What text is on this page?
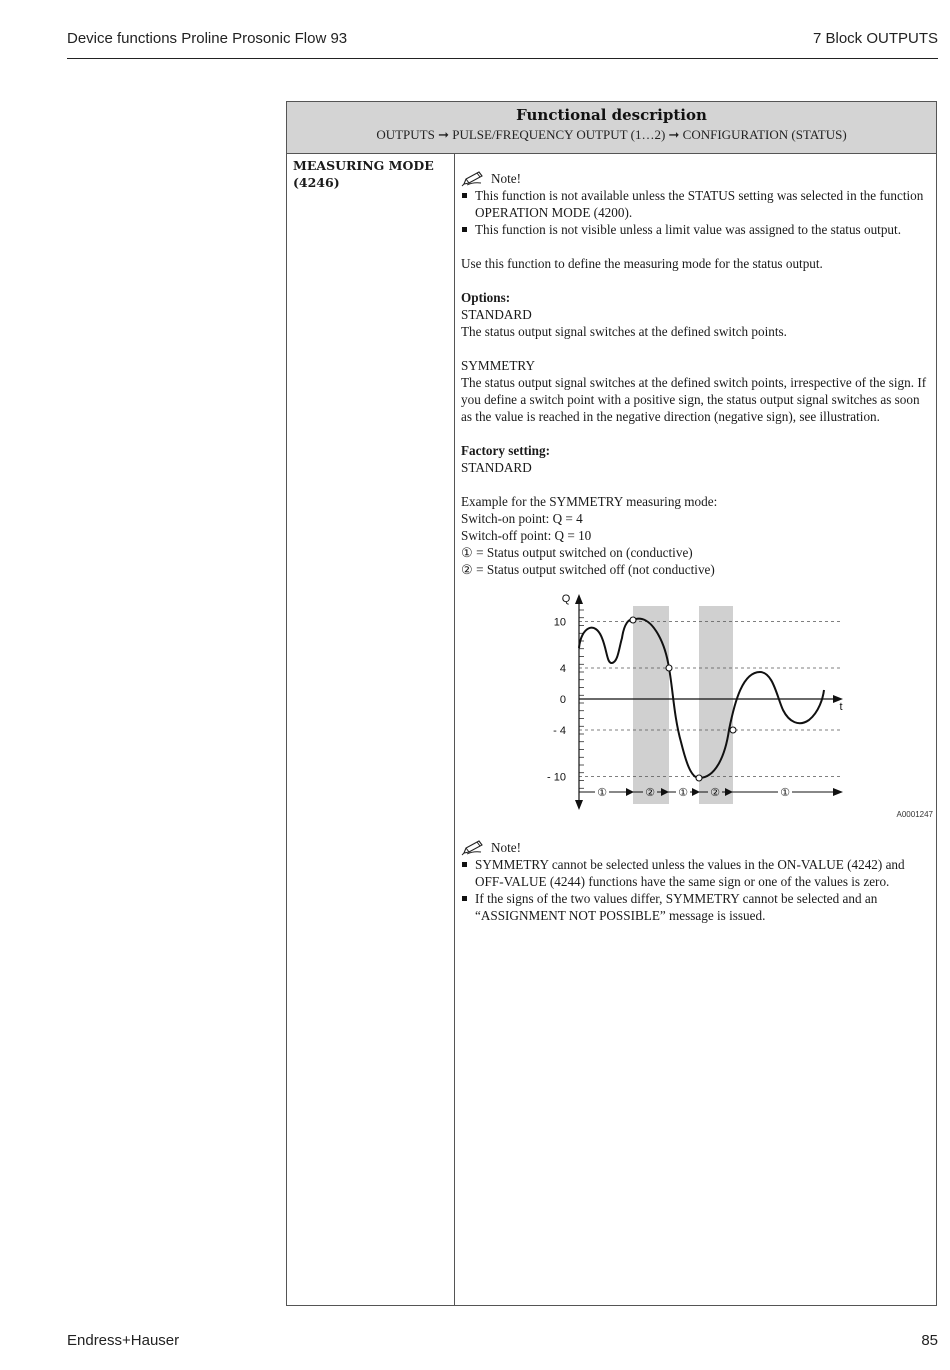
Device functions Proline Prosonic Flow 93	7 Block OUTPUTS
Functional description
OUTPUTS ➞ PULSE/FREQUENCY OUTPUT (1…2) ➞ CONFIGURATION (STATUS)
MEASURING MODE
(4246)	Note!
This function is not available unless the STATUS setting was selected in the function OPERATION MODE (4200).
This function is not visible unless a limit value was assigned to the status output.

Use this function to define the measuring mode for the status output.

Options:

STANDARD

The status output signal switches at the defined switch points.

SYMMETRY

The status output signal switches at the defined switch points, irrespective of the sign. If you define a switch point with a positive sign, the status output signal switches as soon as the value is reached in the negative direction (negative sign), see illustration.

Factory setting:

STANDARD

Example for the SYMMETRY measuring mode:

Switch-on point: Q = 4

Switch-off point: Q = 10

① = Status output switched on (conductive)

② = Status output switched off (not conductive)

Q
t
10
4
0
- 4
- 10
①	② ① ②	①
A0001247
Note!
SYMMETRY cannot be selected unless the values in the ON-VALUE (4242) and OFF-VALUE (4244) functions have the same sign or one of the values is zero.
If the signs of the two values differ, SYMMETRY cannot be selected and an “ASSIGNMENT NOT POSSIBLE” message is issued.
Endress+Hauser	85
